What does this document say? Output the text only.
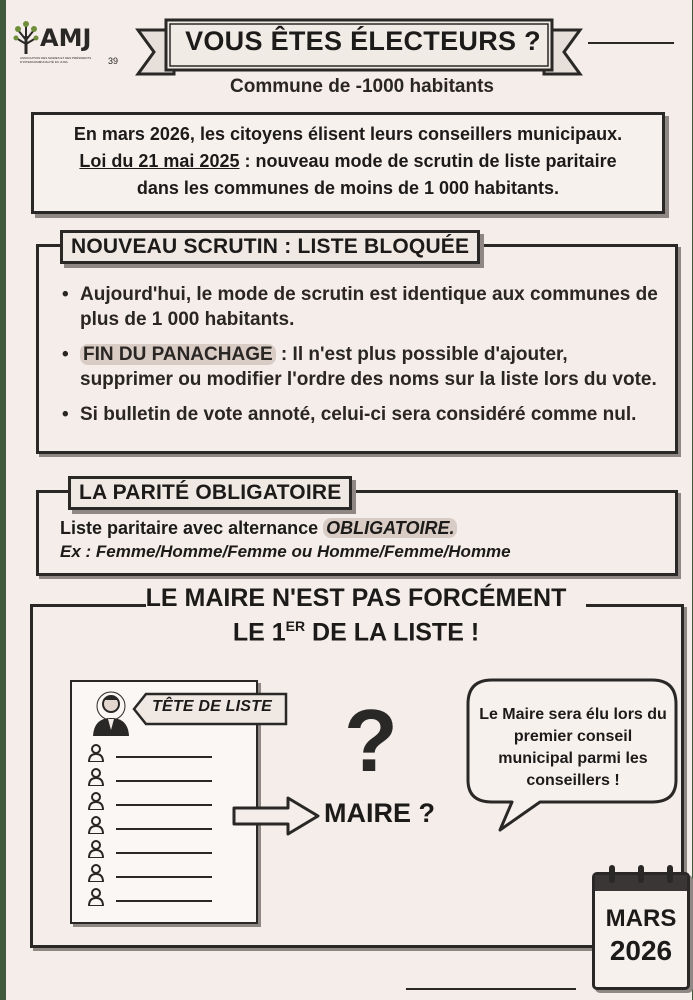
AMJ
ASSOCIATION DES MAIRES ET DES PRÉSIDENTS D'INTERCOMMUNALITÉ DU JURA	39
VOUS ÊTES ÉLECTEURS ?
Commune de -1000 habitants
En mars 2026, les citoyens élisent leurs conseillers municipaux.
Loi du 21 mai 2025 : nouveau mode de scrutin de liste paritaire
dans les communes de moins de 1 000 habitants.
NOUVEAU SCRUTIN : LISTE BLOQUÉE
• Aujourd'hui, le mode de scrutin est identique aux communes de plus de 1 000 habitants.
• FIN DU PANACHAGE : Il n'est plus possible d'ajouter, supprimer ou modifier l'ordre des noms sur la liste lors du vote.
• Si bulletin de vote annoté, celui-ci sera considéré comme nul.
LA PARITÉ OBLIGATOIRE
Liste paritaire avec alternance OBLIGATOIRE.
Ex : Femme/Homme/Femme ou Homme/Femme/Homme
LE MAIRE N'EST PAS FORCÉMENT
LE 1ER DE LA LISTE !
TÊTE DE LISTE ?
MAIRE ?
Le Maire sera élu lors du premier conseil municipal parmi les conseillers !
MARS
2026
